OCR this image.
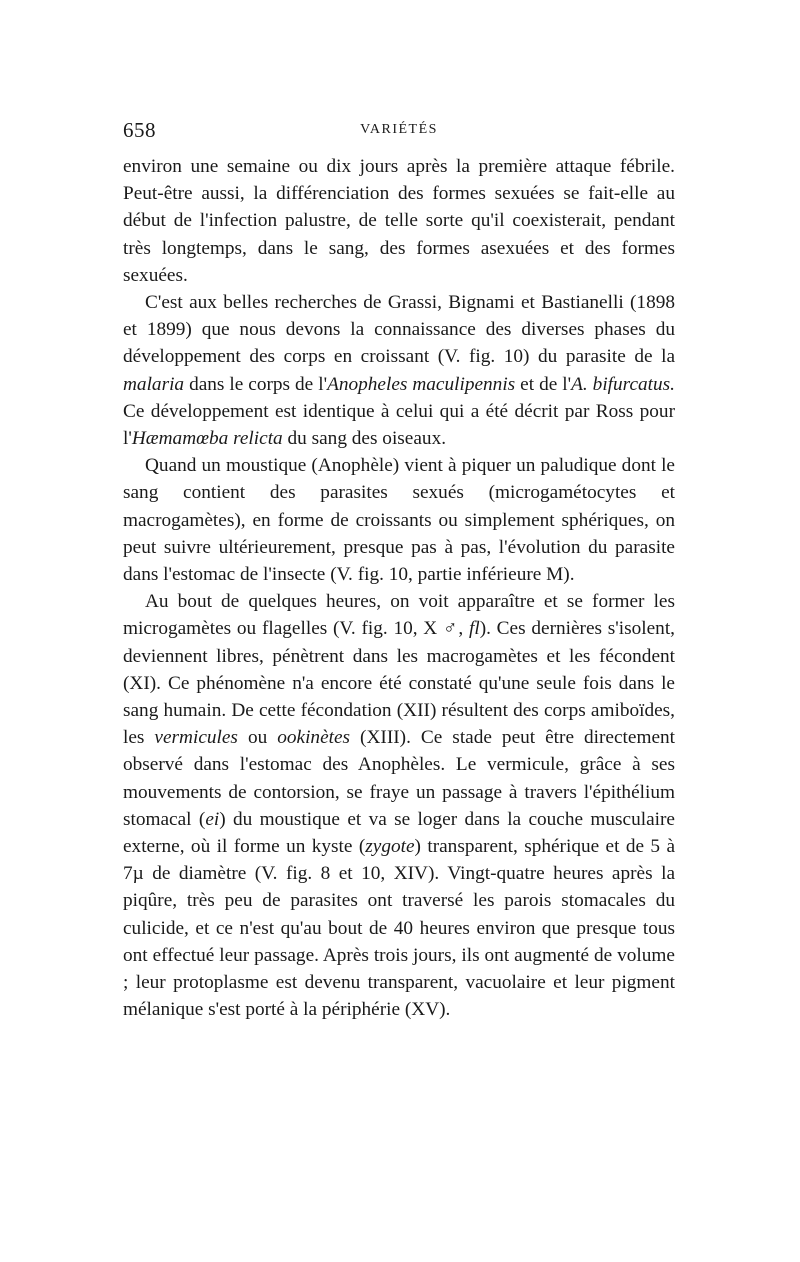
658	VARIÉTÉS

environ une semaine ou dix jours après la première attaque fébrile. Peut-être aussi, la différenciation des formes sexuées se fait-elle au début de l'infection palustre, de telle sorte qu'il coexisterait, pendant très longtemps, dans le sang, des formes asexuées et des formes sexuées.

C'est aux belles recherches de Grassi, Bignami et Bastianelli (1898 et 1899) que nous devons la connaissance des diverses phases du développement des corps en croissant (V. fig. 10) du parasite de la malaria dans le corps de l'Anopheles maculipennis et de l'A. bifurcatus. Ce développement est identique à celui qui a été décrit par Ross pour l'Hæmamœba relicta du sang des oiseaux.

Quand un moustique (Anophèle) vient à piquer un paludique dont le sang contient des parasites sexués (microgamétocytes et macrogamètes), en forme de croissants ou simplement sphériques, on peut suivre ultérieurement, presque pas à pas, l'évolution du parasite dans l'estomac de l'insecte (V. fig. 10, partie inférieure M).

Au bout de quelques heures, on voit apparaître et se former les microgamètes ou flagelles (V. fig. 10, X ♂, fl). Ces dernières s'isolent, deviennent libres, pénètrent dans les macrogamètes et les fécondent (XI). Ce phénomène n'a encore été constaté qu'une seule fois dans le sang humain. De cette fécondation (XII) résultent des corps amiboïdes, les vermicules ou ookinètes (XIII). Ce stade peut être directement observé dans l'estomac des Anophèles. Le vermicule, grâce à ses mouvements de contorsion, se fraye un passage à travers l'épithélium stomacal (ei) du moustique et va se loger dans la couche musculaire externe, où il forme un kyste (zygote) transparent, sphérique et de 5 à 7µ de diamètre (V. fig. 8 et 10, XIV). Vingt-quatre heures après la piqûre, très peu de parasites ont traversé les parois stomacales du culicide, et ce n'est qu'au bout de 40 heures environ que presque tous ont effectué leur passage. Après trois jours, ils ont augmenté de volume ; leur protoplasme est devenu transparent, vacuolaire et leur pigment mélanique s'est porté à la périphérie (XV).
